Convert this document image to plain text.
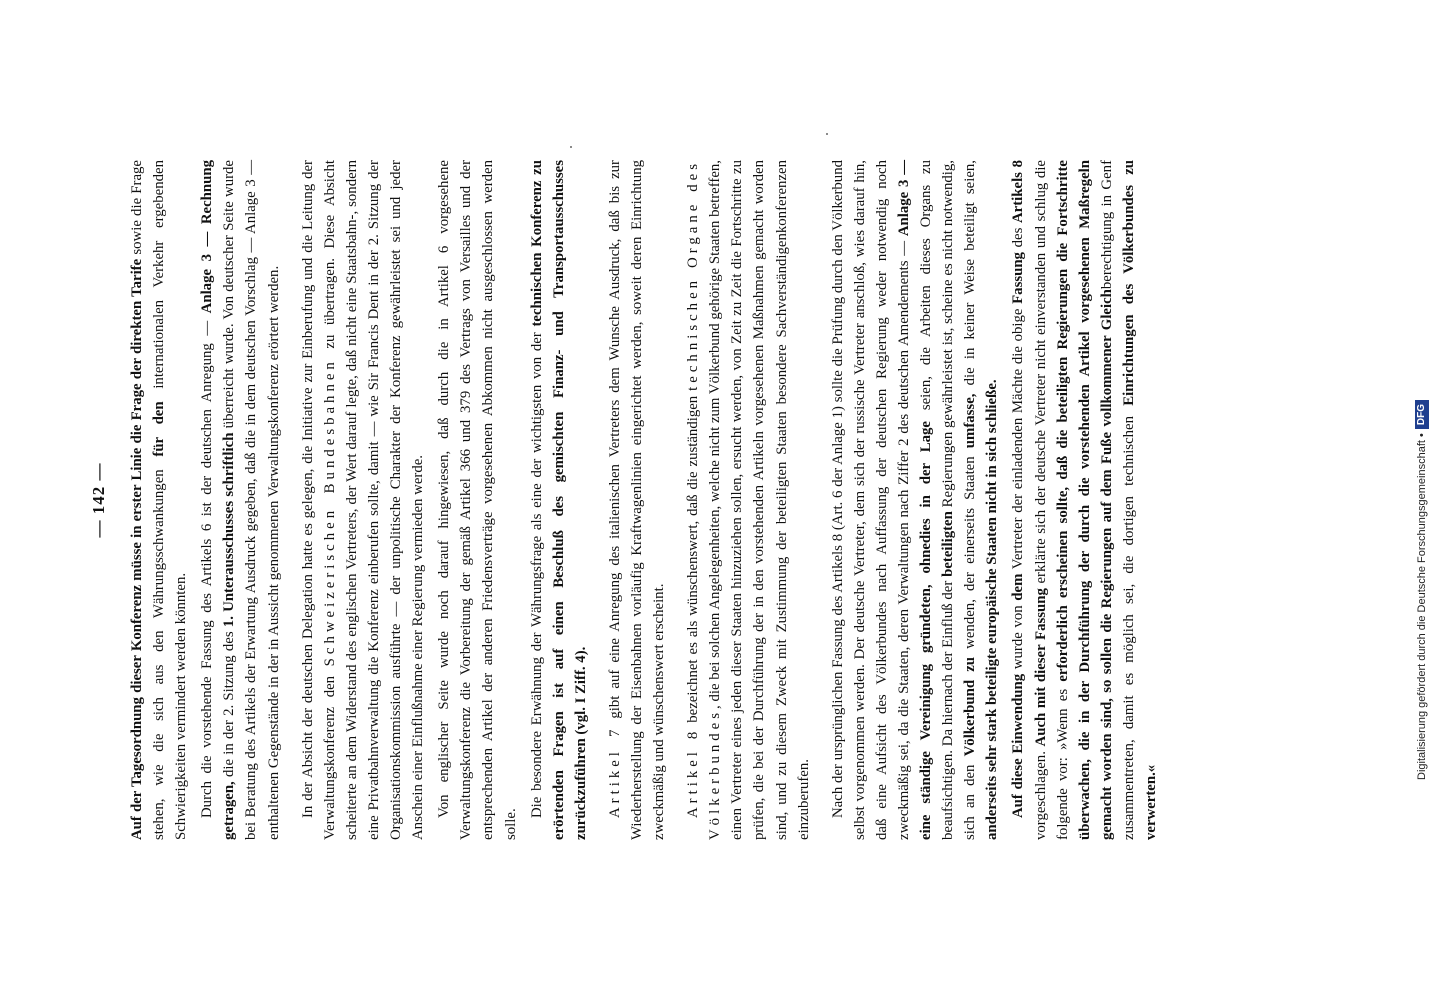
— 142 —	Auf der Tagesordnung dieser Konferenz müsse in erster Linie die Frage der direkten Tarife sowie die Frage stehen, wie die sich aus den Währungsschwankungen für den internationalen Verkehr ergebenden Schwierigkeiten vermindert werden könnten. Durch die vorstehende Fassung des Artikels 6 ist der deutschen Anregung — Anlage 3 — Rechnung getragen, die in der 2. Sitzung des 1. Unterausschusses schriftlich überreicht wurde. Von deutscher Seite wurde bei Beratung des Artikels der Erwartung Ausdruck gegeben, daß die in dem deutschen Vorschlag — Anlage 3 — enthaltenen Gegenstände in der in Aussicht genommenen Verwaltungskonferenz erörtert werden. In der Absicht der deutschen Delegation hatte es gelegen, die Initiative zur Einberufung und die Leitung der Verwaltungskonferenz den Schweizerischen Bundesbahnen zu übertragen. Diese Absicht scheiterte an dem Widerstand des englischen Vertreters, der Wert darauf legte, daß nicht eine Staatsbahn-, sondern eine Privatbahnverwaltung die Konferenz einberufen sollte, damit — wie Sir Francis Dent in der 2. Sitzung der Organisationskommission ausführte — der unpolitische Charakter der Konferenz gewährleistet sei und jeder Anschein einer Einflußnahme einer Regierung vermieden werde. Von englischer Seite wurde noch darauf hingewiesen, daß durch die in Artikel 6 vorgesehene Verwaltungskonferenz die Vorbereitung der gemäß Artikel 366 und 379 des Vertrags von Versailles und der entsprechenden Artikel der anderen Friedensverträge vorgesehenen Abkommen nicht ausgeschlossen werden solle.

Die besondere Erwähnung der Währungsfrage als eine der wichtigsten von der technischen Konferenz zu erörtenden Fragen ist auf einen Beschluß des gemischten Finanz- und Transportausschusses zurückzuführen (vgl. I Ziff. 4). Artikel 7 gibt auf eine Anregung des italienischen Vertreters dem Wunsche Ausdruck, daß bis zur Wiederherstellung der Eisenbahnen vorläufig Kraftwagenlinien eingerichtet werden, soweit deren Einrichtung zweckmäßig und wünschenswert erscheint. Artikel 8 bezeichnet es als wünschenswert, daß die zuständigen technischen Organe des Völkerbundes, die bei solchen Angelegenheiten, welche nicht zum Völkerbund gehörige Staaten betreffen, einen Vertreter eines jeden dieser Staaten hinzuziehen sollen, ersucht werden, von Zeit zu Zeit die Fortschritte zu prüfen, die bei der Durchführung der in den vorstehenden Artikeln vorgesehenen Maßnahmen gemacht worden sind, und zu diesem Zweck mit Zustimmung der beteiligten Staaten besondere Sachverständigenkonferenzen einzuberufen. Nach der ursprünglichen Fassung des Artikels 8 (Art. 6 der Anlage 1) sollte die Prüfung durch den Völkerbund selbst vorgenommen werden. Der deutsche Vertreter, dem sich der russische Vertreter anschloß, wies darauf hin, daß eine Aufsicht des Völkerbundes nach Auffassung der deutschen Regierung weder notwendig noch zweckmäßig sei, da die Staaten, deren Verwaltungen nach Ziffer 2 des deutschen Amendements — Anlage 3 — eine ständige Vereinigung gründeten, ohnedies in der Lage seien, die Arbeiten dieses Organs zu beaufsichtigen. Da hiernach der Einfluß der beteiligten Regierungen gewährleistet ist, scheine es nicht notwendig, sich an den Völkerbund zu wenden, der einerseits Staaten umfasse, die in keiner Weise beteiligt seien, anderseits sehr stark beteiligte europäische Staaten nicht in sich schließe. Auf diese Einwendung wurde von dem Vertreter der einladenden Mächte die obige Fassung des Artikels 8 vorgeschlagen. Auch mit dieser Fassung erklärte sich der deutsche Vertreter nicht einverstanden und schlug die folgende vor: »Wenn es erforderlich erscheinen sollte, daß die beteiligten Regierungen die Fortschritte überwachen, die in der Durchführung der durch die vorstehenden Artikel vorgesehenen Maßregeln gemacht worden sind, so sollen die Regierungen auf dem Fuße vollkommener Gleichberechtigung in Genf zusammentreten, damit es möglich sei, die dortigen technischen Einrichtungen des Völkerbundes zu verwerten.«

Digitalisierung gefördert durch die Deutsche Forschungsgemeinschaft •DFG
